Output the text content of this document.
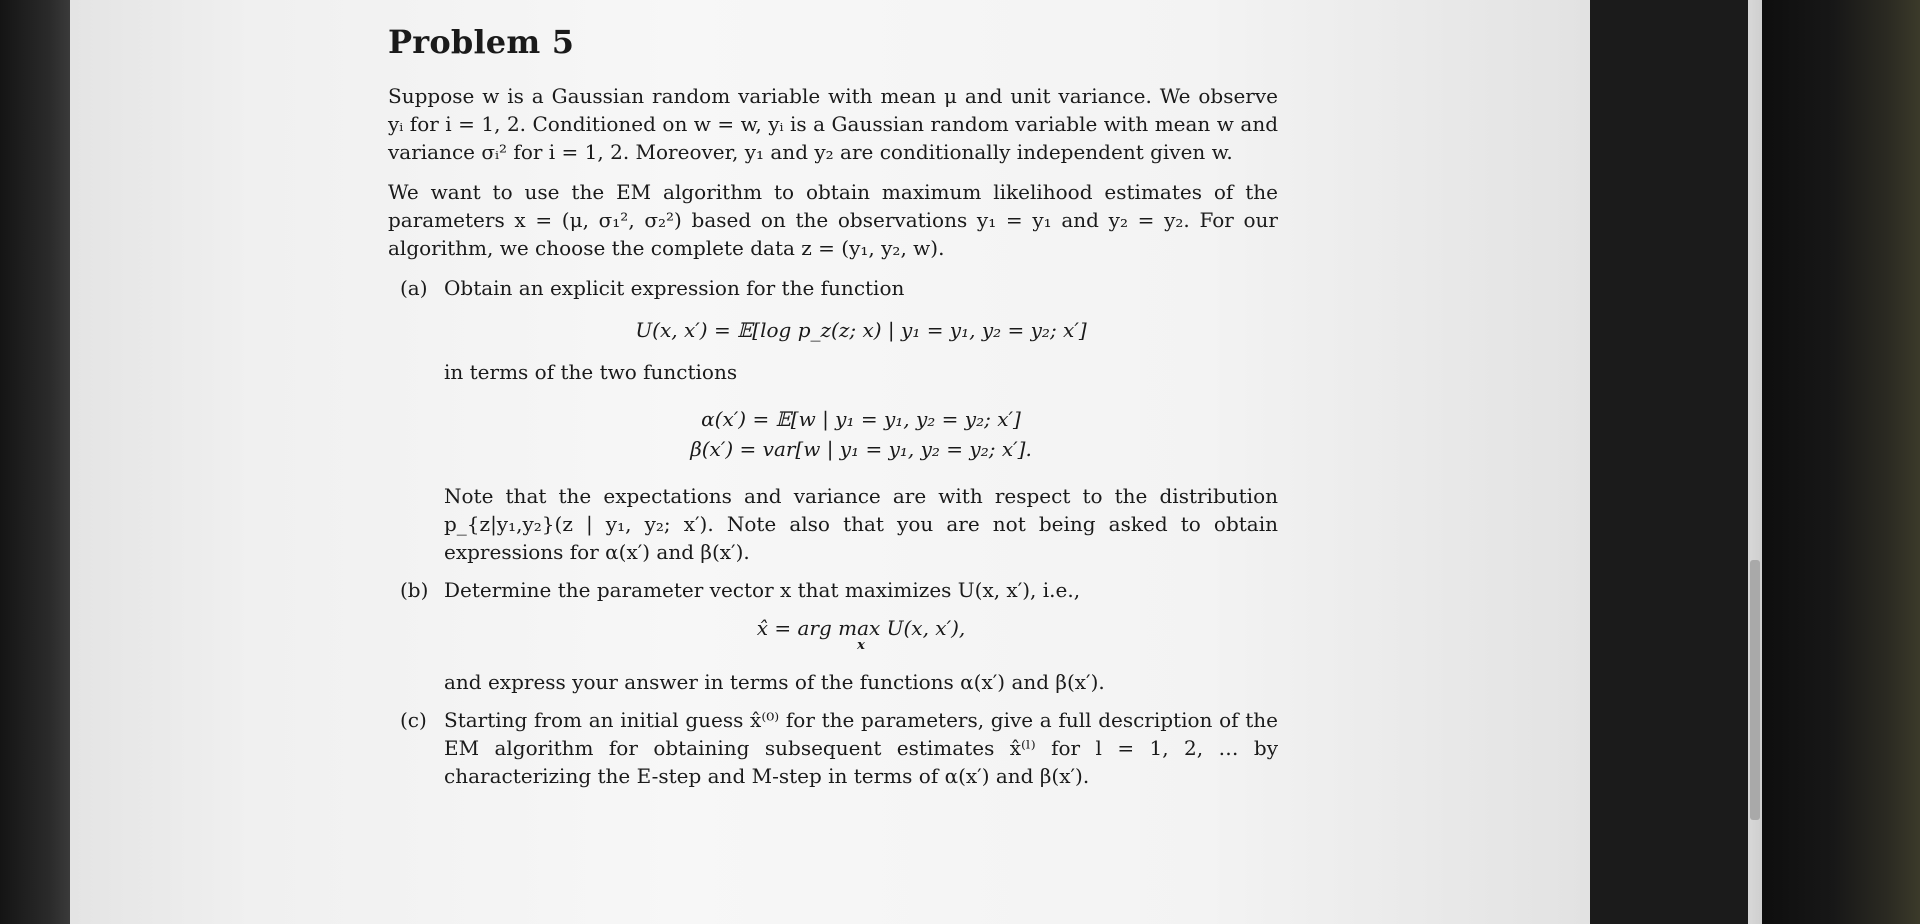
Problem 5

Suppose w is a Gaussian random variable with mean μ and unit variance. We observe yᵢ for i = 1, 2. Conditioned on w = w, yᵢ is a Gaussian random variable with mean w and variance σᵢ² for i = 1, 2. Moreover, y₁ and y₂ are conditionally independent given w.

We want to use the EM algorithm to obtain maximum likelihood estimates of the parameters x = (μ, σ₁², σ₂²) based on the observations y₁ = y₁ and y₂ = y₂. For our algorithm, we choose the complete data z = (y₁, y₂, w).

(a) Obtain an explicit expression for the function
U(x, x′) = 𝔼[log p_z(z; x) | y₁ = y₁, y₂ = y₂; x′]
in terms of the two functions
α(x′) = 𝔼[w | y₁ = y₁, y₂ = y₂; x′]
β(x′) = var[w | y₁ = y₁, y₂ = y₂; x′].
Note that the expectations and variance are with respect to the distribution p_{z|y₁,y₂}(z | y₁, y₂; x′). Note also that you are not being asked to obtain expressions for α(x′) and β(x′).
(b) Determine the parameter vector x that maximizes U(x, x′), i.e.,
x̂ = arg max U(x, x′),
x
and express your answer in terms of the functions α(x′) and β(x′).
(c) Starting from an initial guess x̂⁽⁰⁾ for the parameters, give a full description of the EM algorithm for obtaining subsequent estimates x̂⁽ˡ⁾ for l = 1, 2, … by characterizing the E-step and M-step in terms of α(x′) and β(x′).
